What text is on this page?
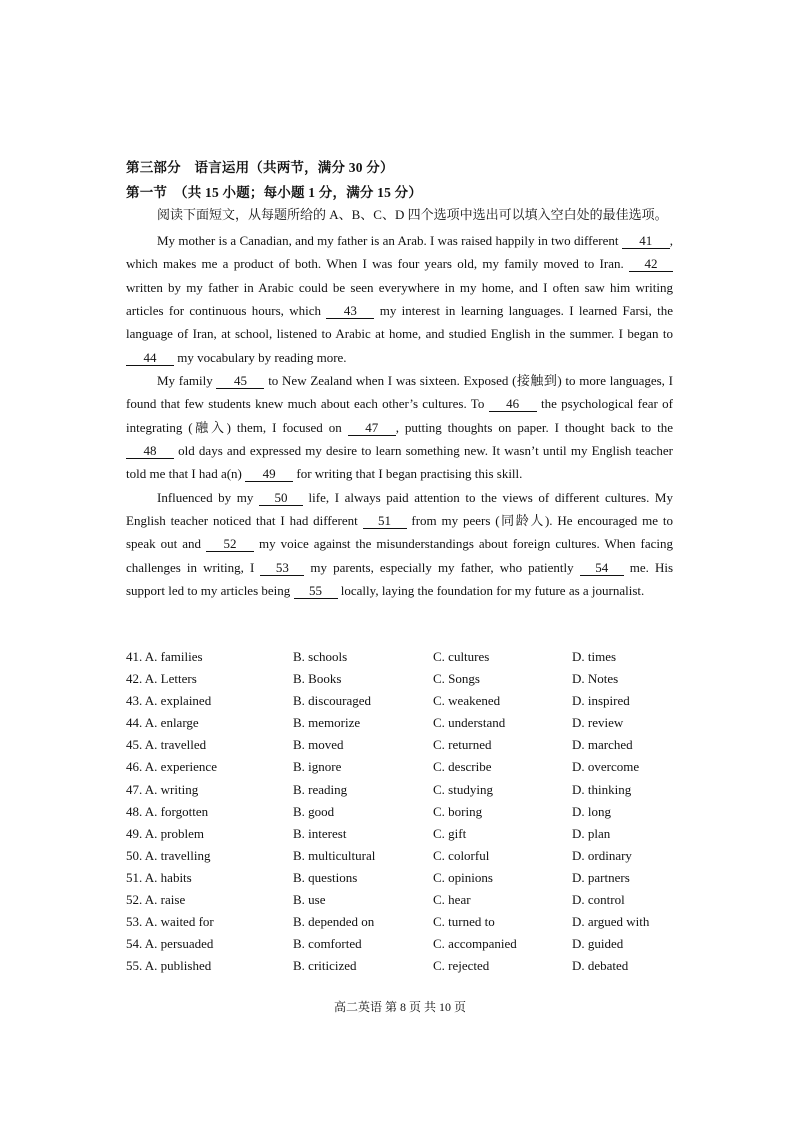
第三部分　语言运用（共两节，满分 30 分）
第一节　（共 15 小题；每小题 1 分，满分 15 分）
阅读下面短文，从每题所给的 A、B、C、D 四个选项中选出可以填入空白处的最佳选项。

My mother is a Canadian, and my father is an Arab. I was raised happily in two different 41 , which makes me a product of both. When I was four years old, my family moved to Iran. 42 written by my father in Arabic could be seen everywhere in my home, and I often saw him writing articles for continuous hours, which 43 my interest in learning languages. I learned Farsi, the language of Iran, at school, listened to Arabic at home, and studied English in the summer. I began to 44 my vocabulary by reading more.

My family 45 to New Zealand when I was sixteen. Exposed (接触到) to more languages, I found that few students knew much about each other’s cultures. To 46 the psychological fear of integrating (融入) them, I focused on 47 , putting thoughts on paper. I thought back to the 48 old days and expressed my desire to learn something new. It wasn’t until my English teacher told me that I had a(n) 49 for writing that I began practising this skill.

Influenced by my 50 life, I always paid attention to the views of different cultures. My English teacher noticed that I had different 51 from my peers (同龄人). He encouraged me to speak out and 52 my voice against the misunderstandings about foreign cultures. When facing challenges in writing, I 53 my parents, especially my father, who patiently 54 me. His support led to my articles being 55 locally, laying the foundation for my future as a journalist.

41. A. families	B. schools	C. cultures	D. times
42. A. Letters	B. Books	C. Songs	D. Notes
43. A. explained	B. discouraged	C. weakened	D. inspired
44. A. enlarge	B. memorize	C. understand	D. review
45. A. travelled	B. moved	C. returned	D. marched
46. A. experience	B. ignore	C. describe	D. overcome
47. A. writing	B. reading	C. studying	D. thinking
48. A. forgotten	B. good	C. boring	D. long
49. A. problem	B. interest	C. gift	D. plan
50. A. travelling	B. multicultural	C. colorful	D. ordinary
51. A. habits	B. questions	C. opinions	D. partners
52. A. raise	B. use	C. hear	D. control
53. A. waited for	B. depended on	C. turned to	D. argued with
54. A. persuaded	B. comforted	C. accompanied	D. guided
55. A. published	B. criticized	C. rejected	D. debated
高二英语 第 8 页 共 10 页
